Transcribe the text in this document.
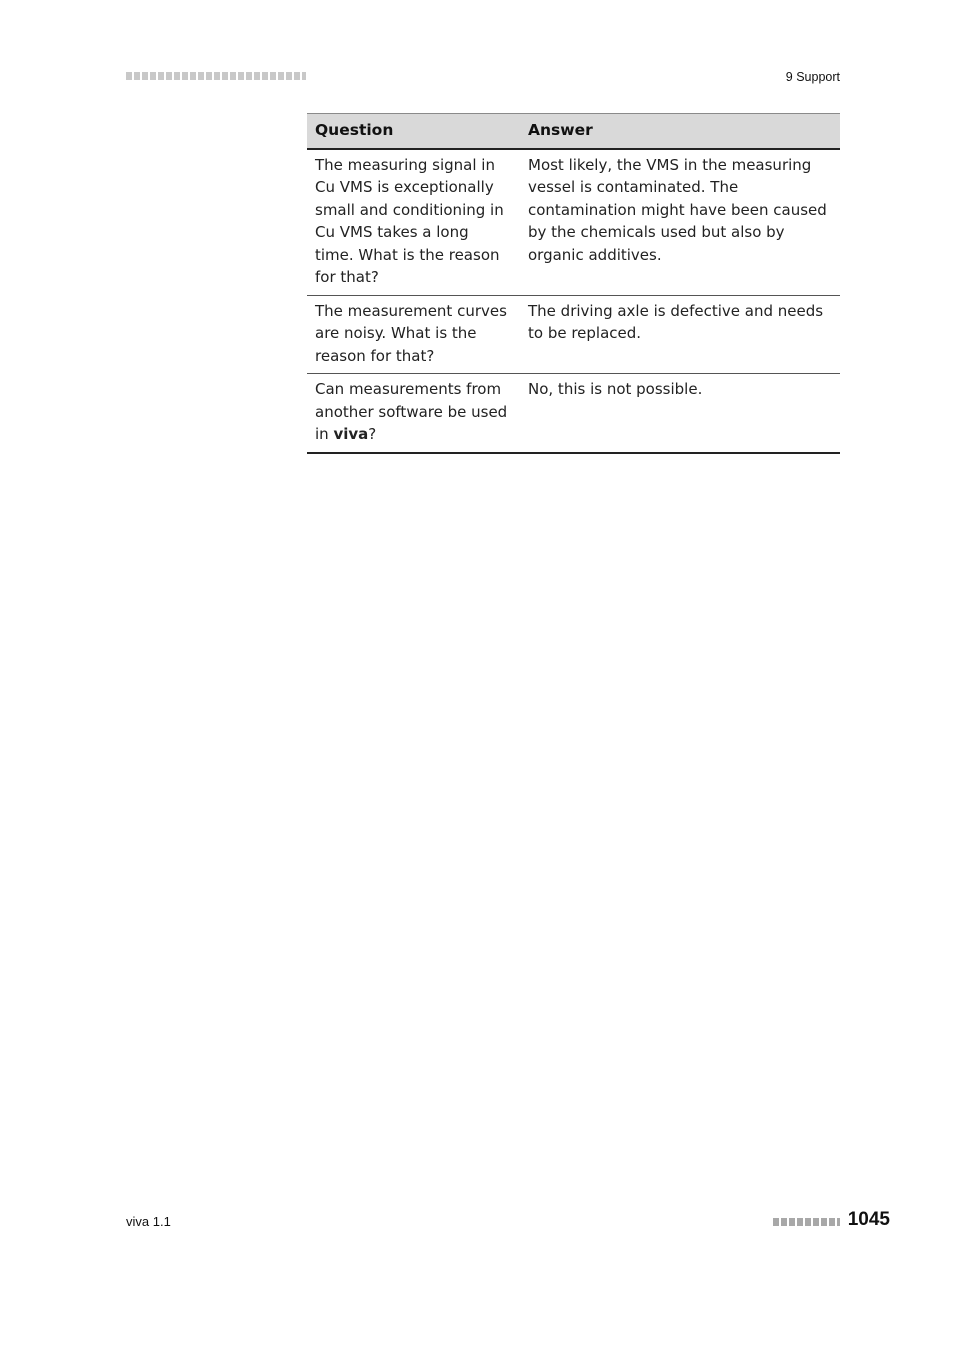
9 Support
Question	Answer
The measuring signal in Cu VMS is exceptionally small and conditioning in Cu VMS takes a long time. What is the reason for that?	Most likely, the VMS in the measuring vessel is contaminated. The contamination might have been caused by the chemicals used but also by organic additives.
The measurement curves are noisy. What is the reason for that?	The driving axle is defective and needs to be replaced.
Can measurements from another software be used in viva?	No, this is not possible.
viva 1.1	1045
